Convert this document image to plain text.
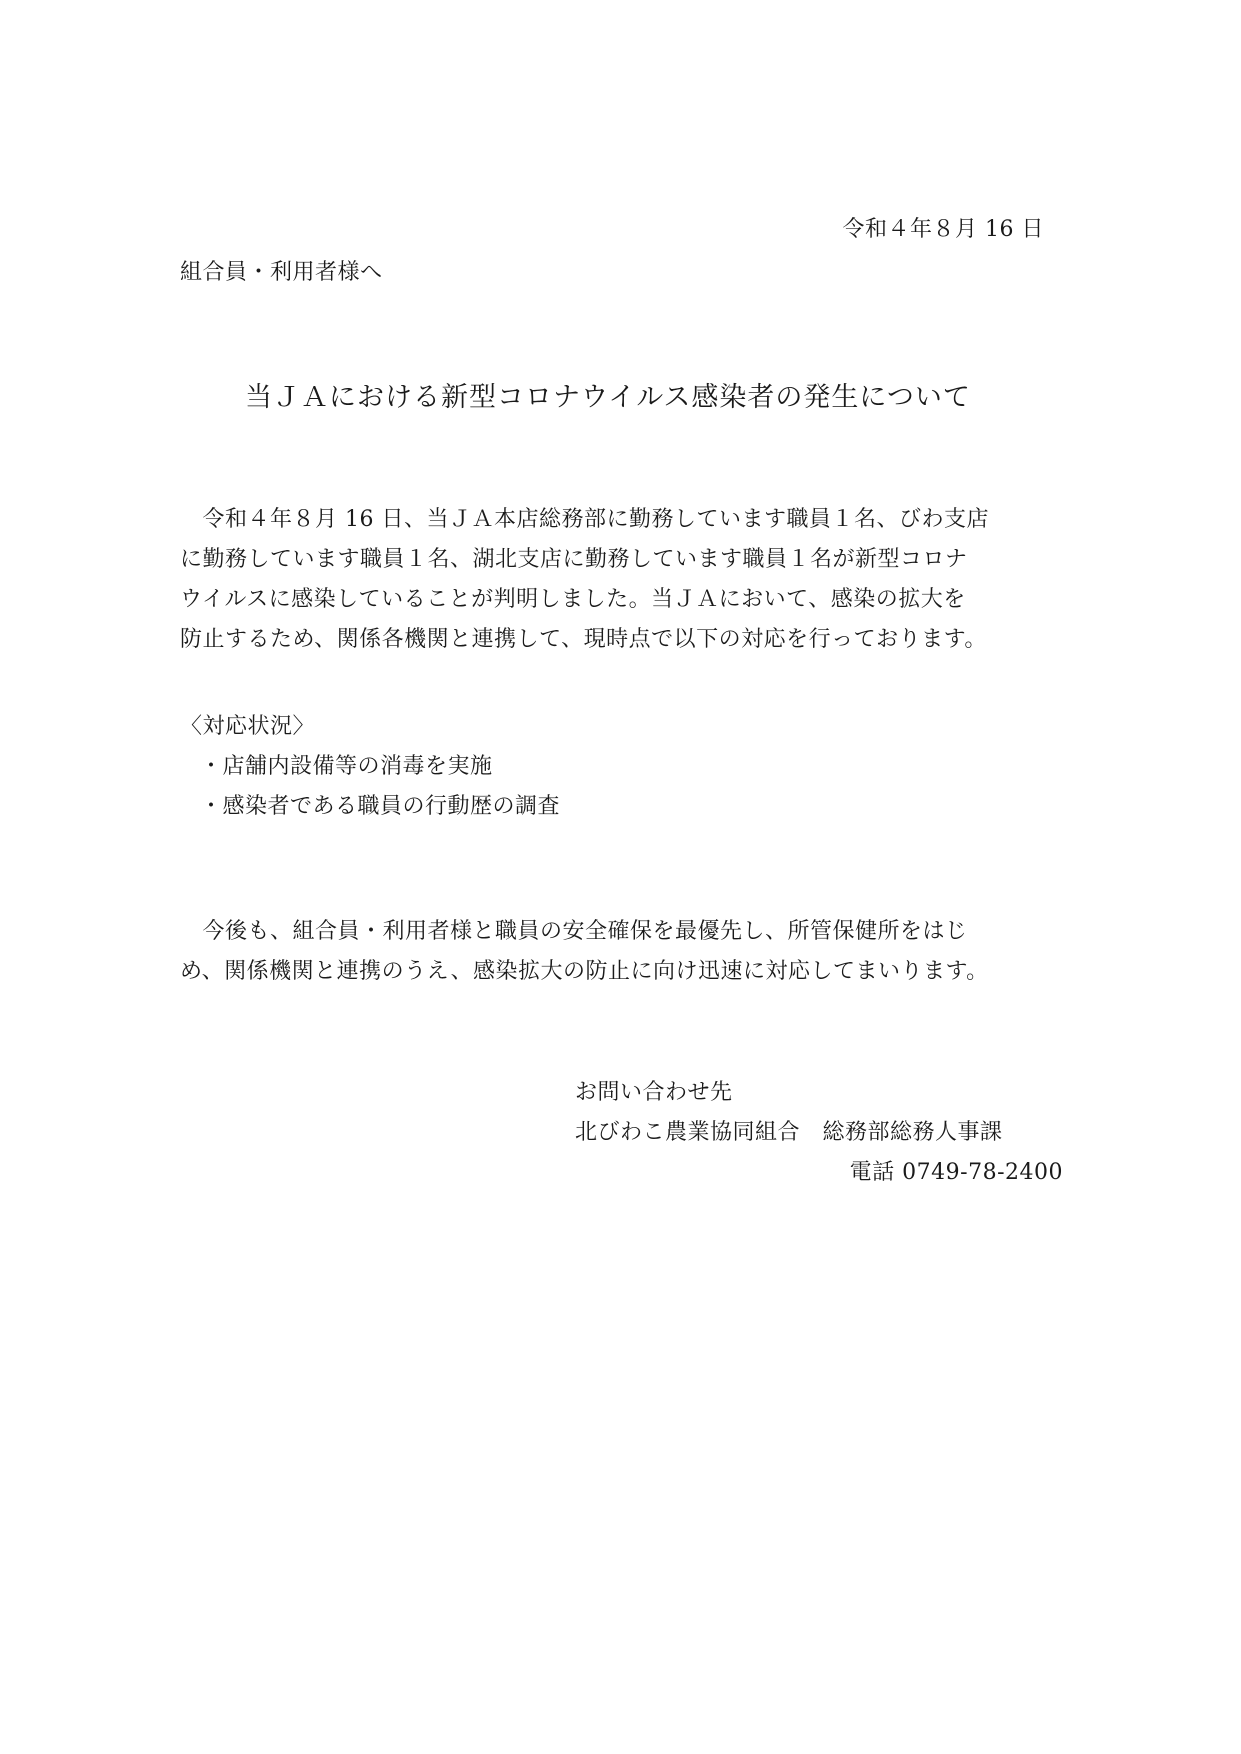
令和４年８月 16 日
組合員・利用者様へ
当ＪＡにおける新型コロナウイルス感染者の発生について

　令和４年８月 16 日、当ＪＡ本店総務部に勤務しています職員１名、びわ支店

に勤務しています職員１名、湖北支店に勤務しています職員１名が新型コロナ

ウイルスに感染していることが判明しました。当ＪＡにおいて、感染の拡大を

防止するため、関係各機関と連携して、現時点で以下の対応を行っております。

〈対応状況〉
・店舗内設備等の消毒を実施
・感染者である職員の行動歴の調査

　今後も、組合員・利用者様と職員の安全確保を最優先し、所管保健所をはじ

め、関係機関と連携のうえ、感染拡大の防止に向け迅速に対応してまいります。

お問い合わせ先
北びわこ農業協同組合　総務部総務人事課
電話 0749-78-2400
